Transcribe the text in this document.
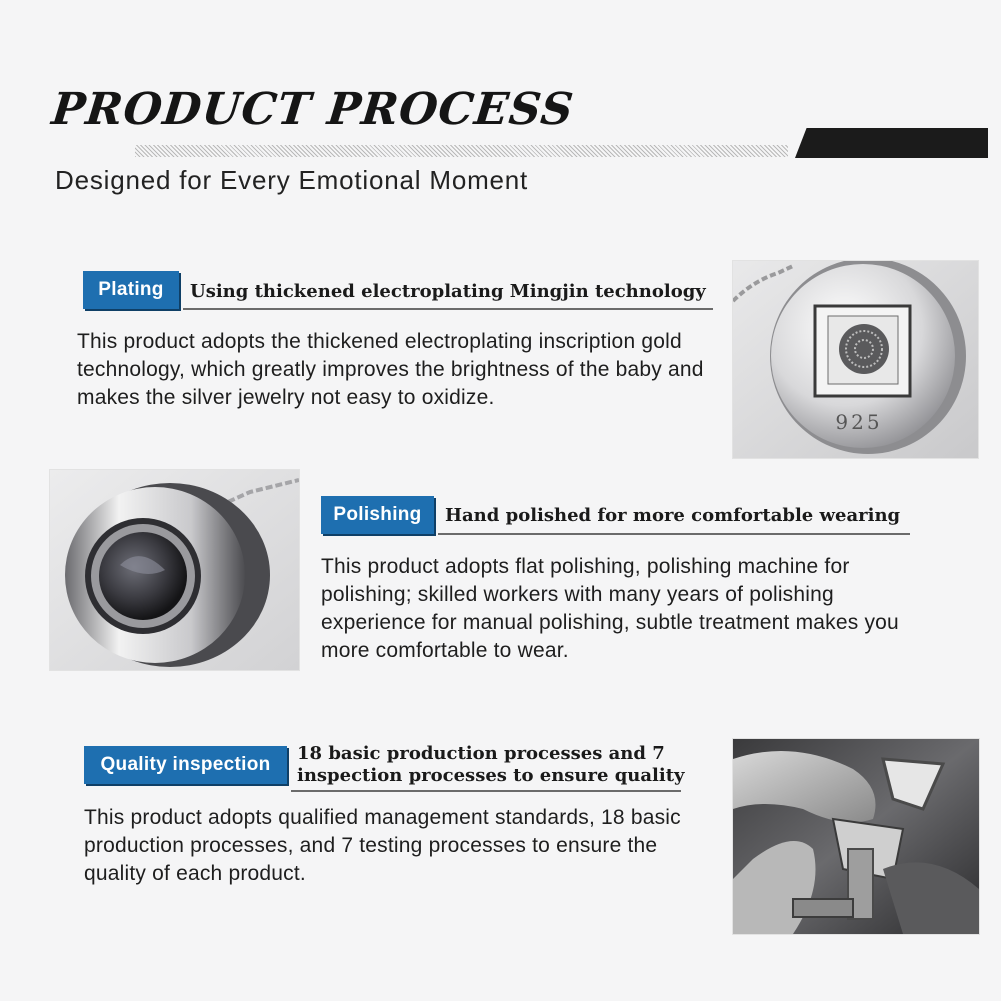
PRODUCT PROCESS
Designed for Every Emotional Moment
Plating	Using thickened electroplating Mingjin technology

This product adopts the thickened electroplating inscription gold technology, which greatly improves the brightness of the baby and makes the silver jewelry not easy to oxidize.

925
Polishing	Hand polished for more comfortable wearing

This product adopts flat polishing, polishing machine for polishing; skilled workers with many years of polishing experience for manual polishing, subtle treatment makes you more comfortable to wear.

Quality inspection
18 basic production processes and 7
inspection processes to ensure quality

This product adopts qualified management standards, 18 basic production processes, and 7 testing processes to ensure the quality of each product.
